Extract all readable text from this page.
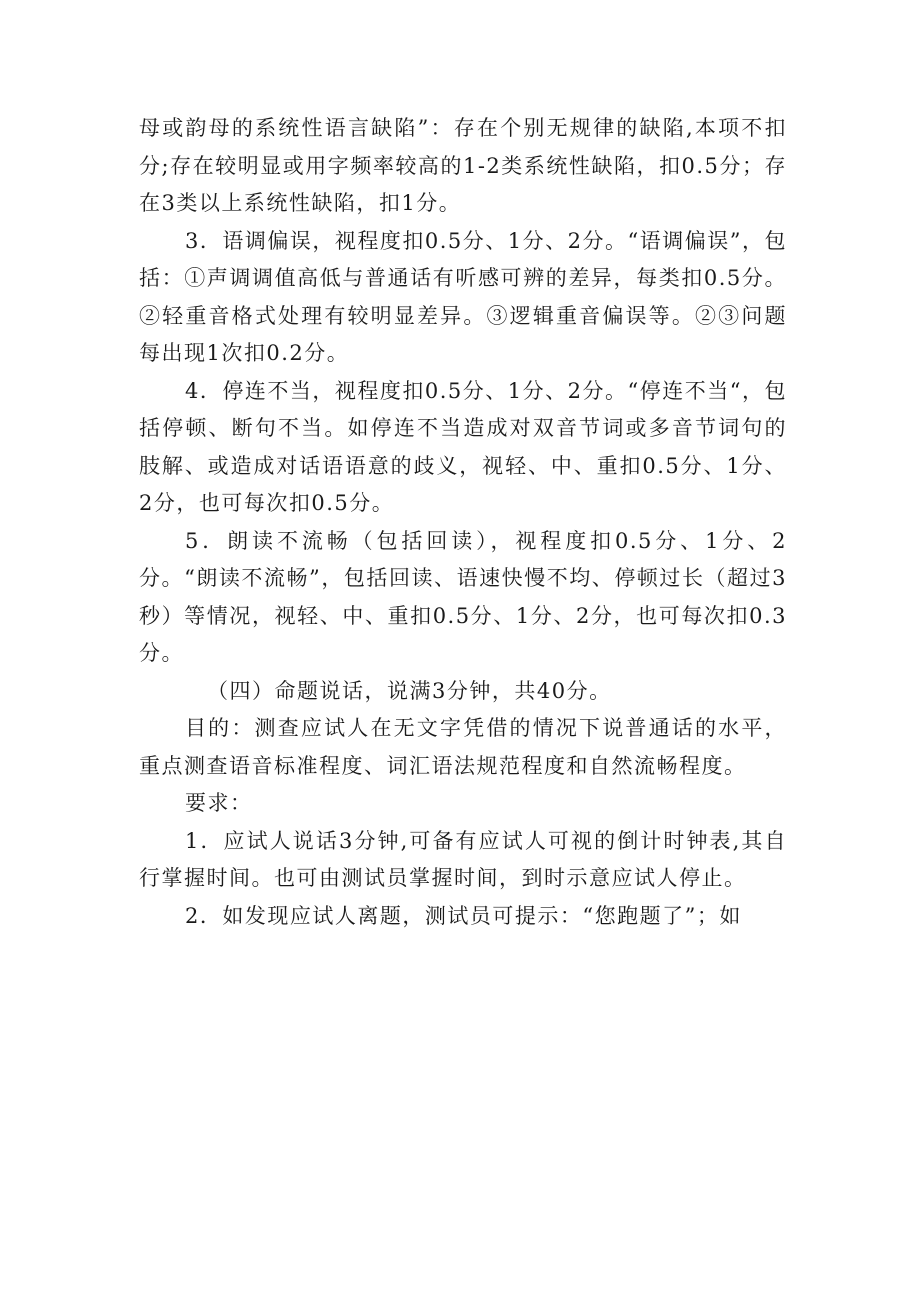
母或韵母的系统性语言缺陷”：存在个别无规律的缺陷,本项不扣分;存在较明显或用字频率较高的1-2类系统性缺陷，扣0.5分；存在3类以上系统性缺陷，扣1分。

3．语调偏误，视程度扣0.5分、1分、2分。“语调偏误”，包括：①声调调值高低与普通话有听感可辨的差异，每类扣0.5分。②轻重音格式处理有较明显差异。③逻辑重音偏误等。②③问题每出现1次扣0.2分。

4．停连不当，视程度扣0.5分、1分、2分。“停连不当“，包括停顿、断句不当。如停连不当造成对双音节词或多音节词句的肢解、或造成对话语语意的歧义，视轻、中、重扣0.5分、1分、2分，也可每次扣0.5分。

5．朗读不流畅（包括回读），视程度扣0.5分、1分、2分。“朗读不流畅”，包括回读、语速快慢不均、停顿过长（超过3秒）等情况，视轻、中、重扣0.5分、1分、2分，也可每次扣0.3分。

（四）命题说话，说满3分钟，共40分。

目的：测查应试人在无文字凭借的情况下说普通话的水平，重点测查语音标准程度、词汇语法规范程度和自然流畅程度。

要求：

1．应试人说话3分钟,可备有应试人可视的倒计时钟表,其自行掌握时间。也可由测试员掌握时间，到时示意应试人停止。

2．如发现应试人离题，测试员可提示：“您跑题了”；如
